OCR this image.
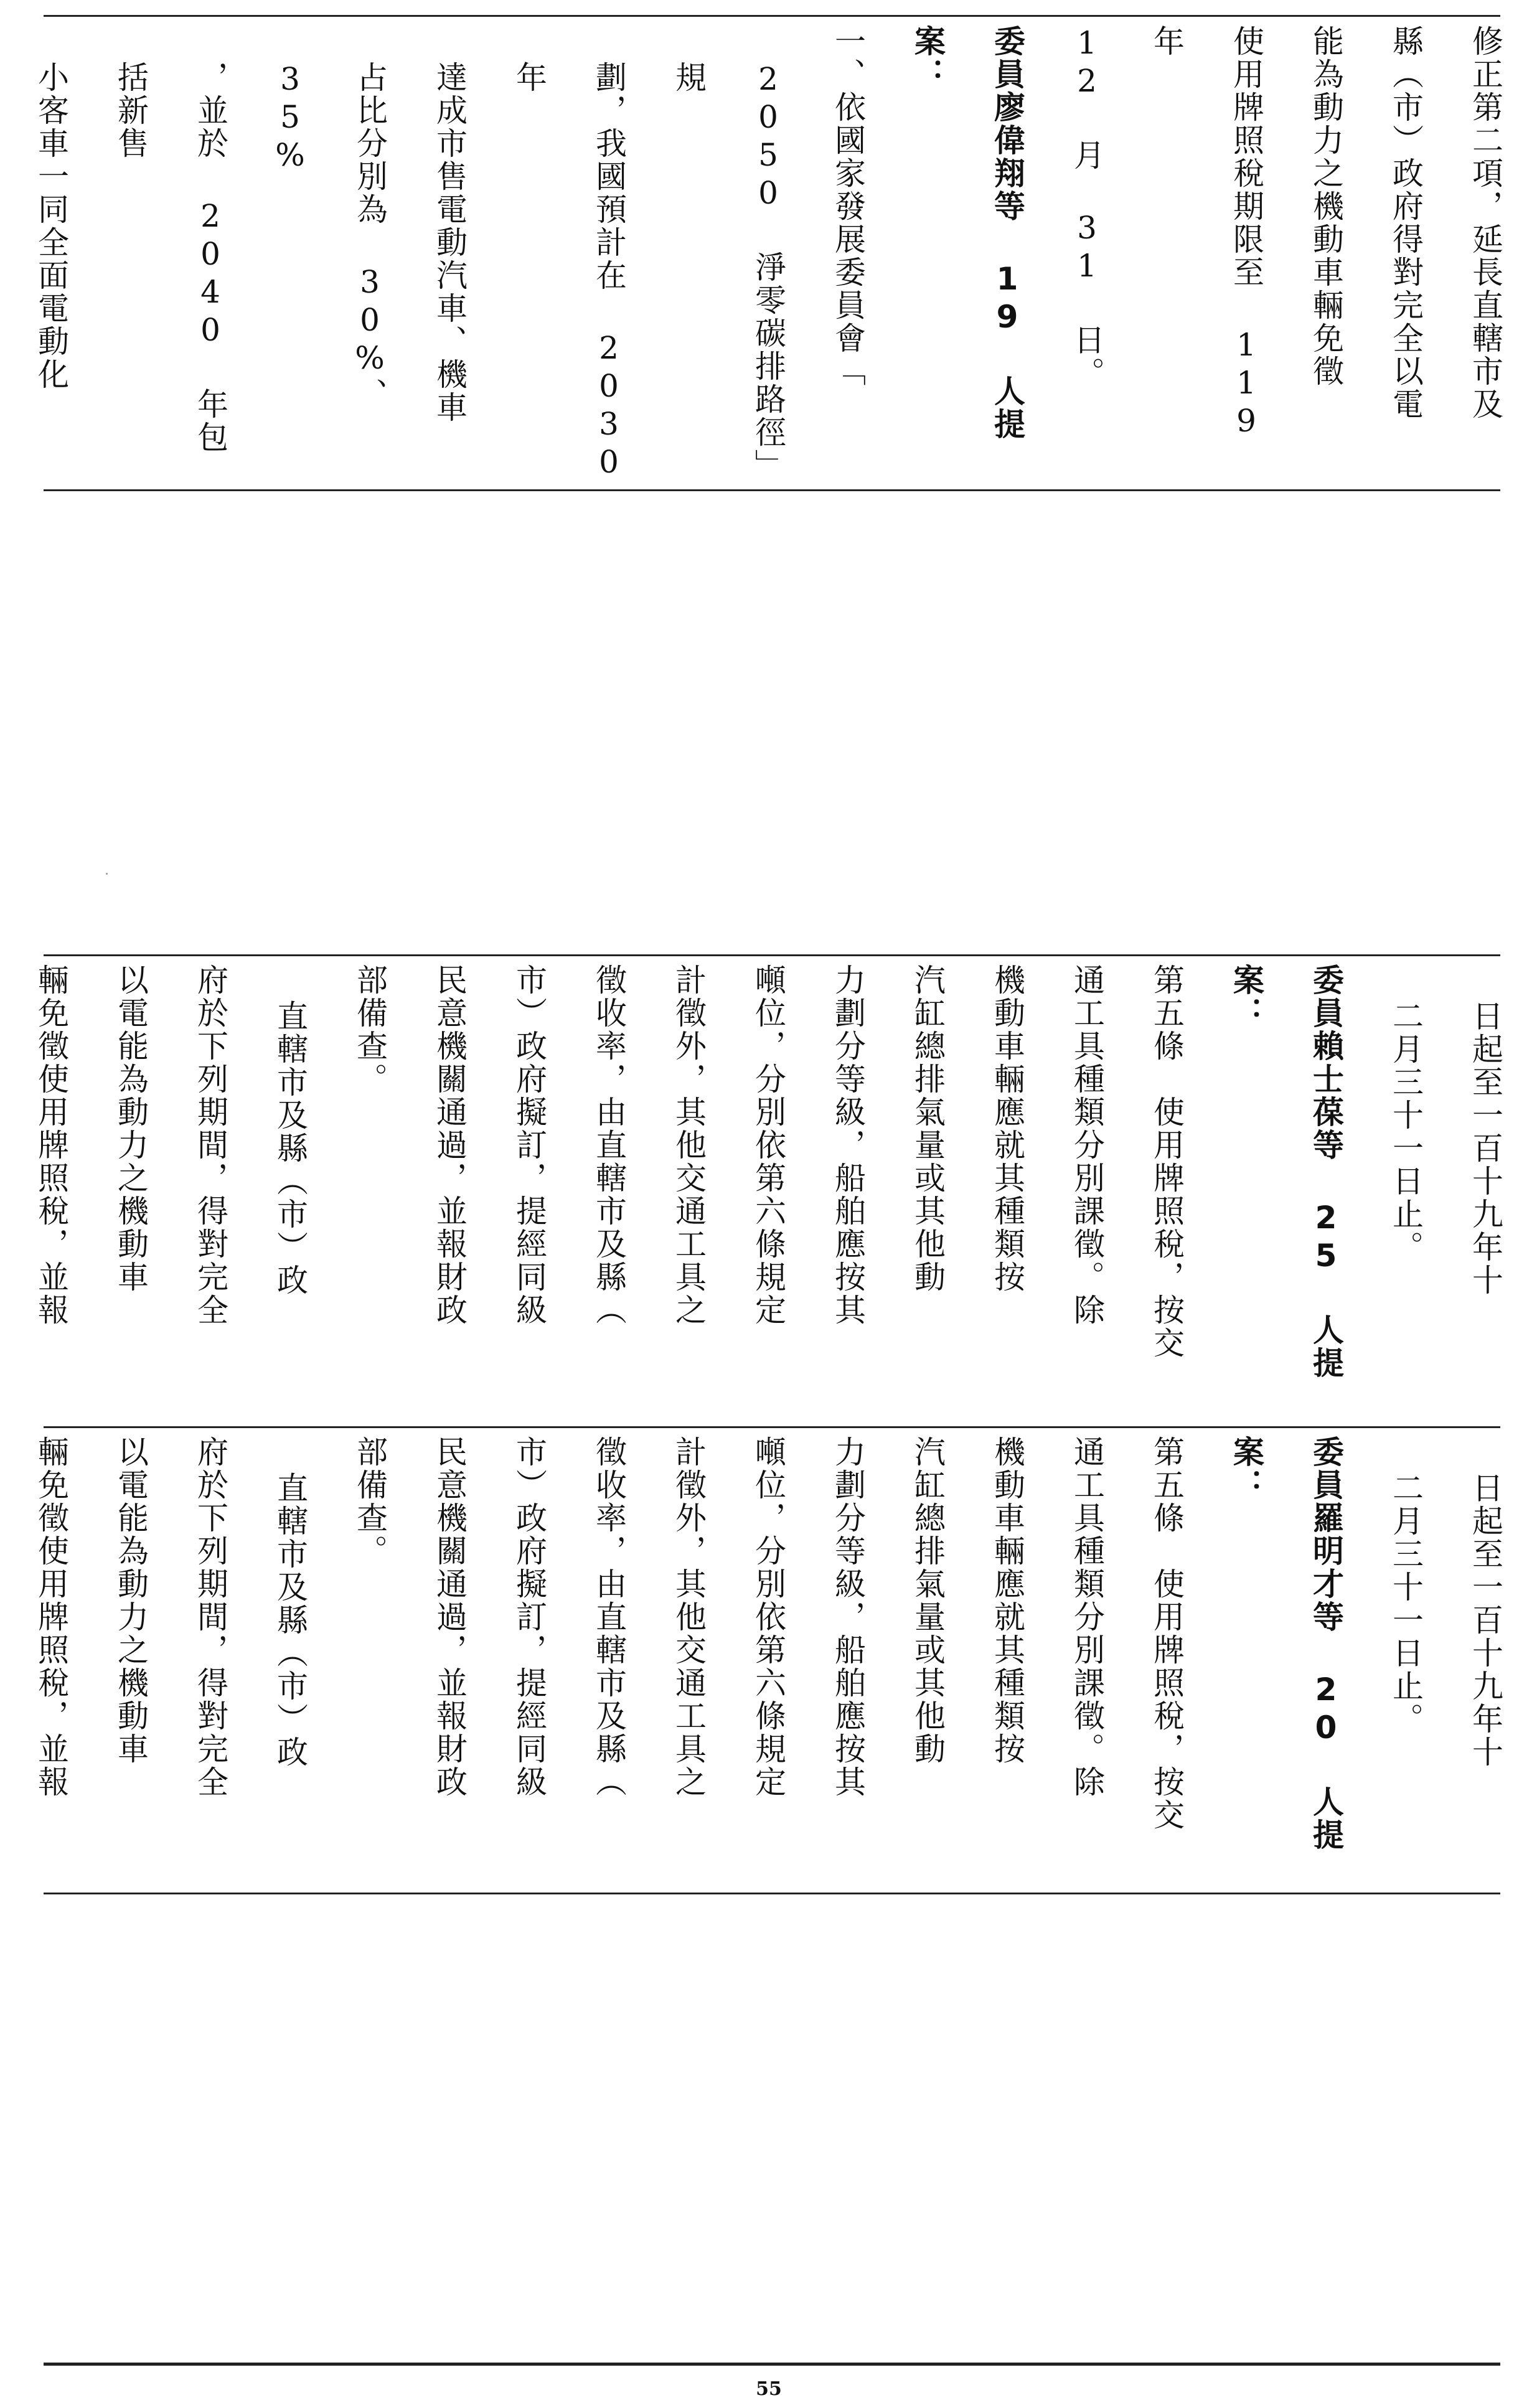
修正第二項，延長直轄市及
縣（市）政府得對完全以電
能為動力之機動車輛免徵
使用牌照稅期限至 119 年
12 月 31 日。
委員廖偉翔等 19 人提案：
一、依國家發展委員會「
2050 淨零碳排路徑」規
劃，我國預計在 2030 年
達成市售電動汽車、機車
占比分別為 30%、35%
，並於 2040 年包括新售
小客車一同全面電動化
日起至一百十九年十
二月三十一日止。
委員賴士葆等 25 人提案：
第五條　使用牌照稅，按交
通工具種類分別課徵。除
機動車輛應就其種類按
汽缸總排氣量或其他動
力劃分等級，船舶應按其
噸位，分別依第六條規定
計徵外，其他交通工具之
徵收率，由直轄市及縣（
市）政府擬訂，提經同級
民意機關通過，並報財政
部備查。
直轄市及縣（市）政
府於下列期間，得對完全
以電能為動力之機動車
輛免徵使用牌照稅，並報
日起至一百十九年十
二月三十一日止。
委員羅明才等 20 人提案：
第五條　使用牌照稅，按交
通工具種類分別課徵。除
機動車輛應就其種類按
汽缸總排氣量或其他動
力劃分等級，船舶應按其
噸位，分別依第六條規定
計徵外，其他交通工具之
徵收率，由直轄市及縣（
市）政府擬訂，提經同級
民意機關通過，並報財政
部備查。
直轄市及縣（市）政
府於下列期間，得對完全
以電能為動力之機動車
輛免徵使用牌照稅，並報
55
